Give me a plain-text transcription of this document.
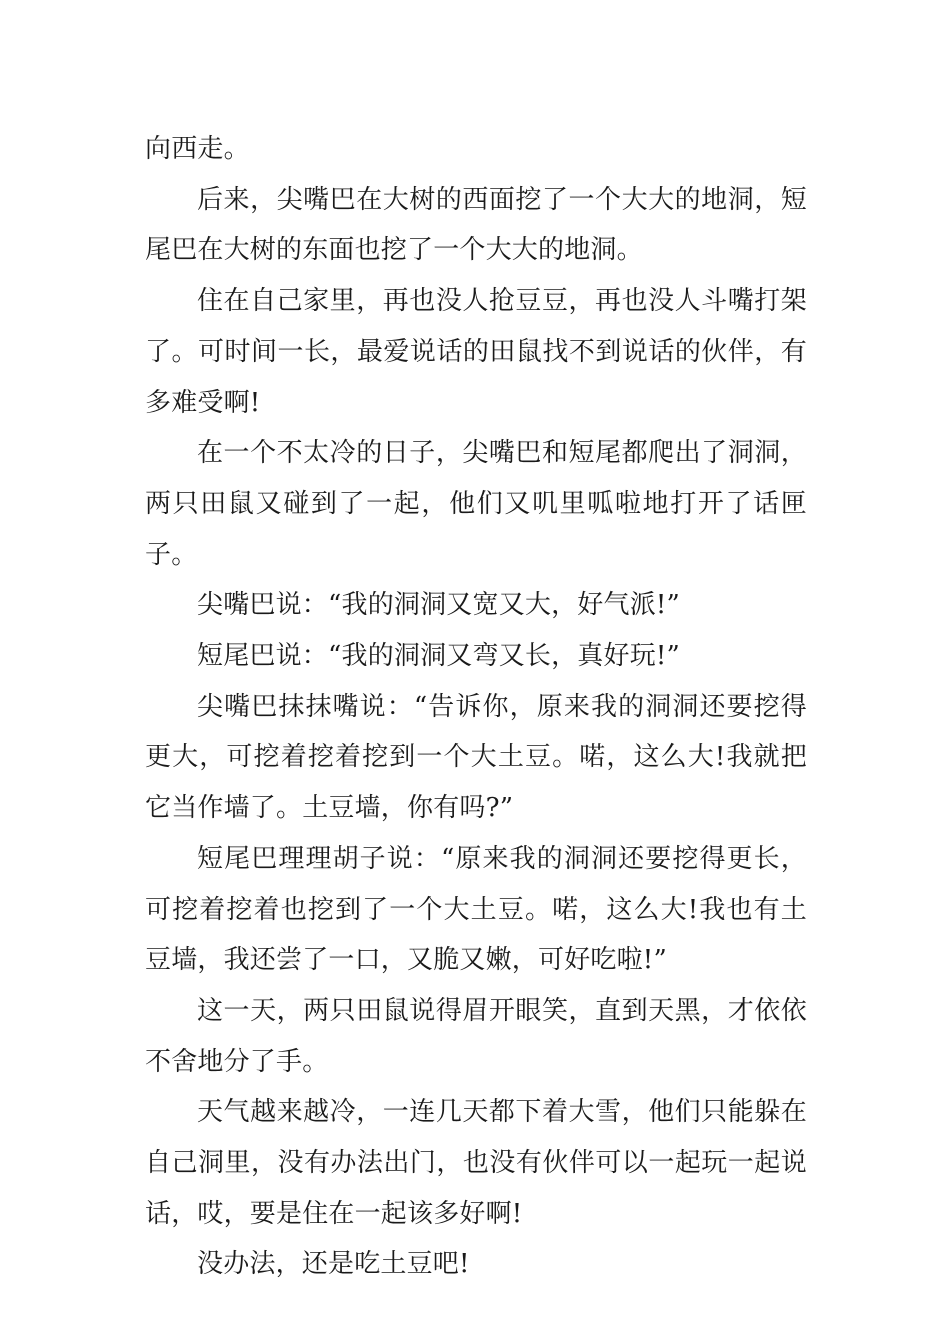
向西走。

后来，尖嘴巴在大树的西面挖了一个大大的地洞，短尾巴在大树的东面也挖了一个大大的地洞。

住在自己家里，再也没人抢豆豆，再也没人斗嘴打架了。可时间一长，最爱说话的田鼠找不到说话的伙伴，有多难受啊!

在一个不太冷的日子，尖嘴巴和短尾都爬出了洞洞，两只田鼠又碰到了一起，他们又叽里呱啦地打开了话匣子。

尖嘴巴说：“我的洞洞又宽又大，好气派!”

短尾巴说：“我的洞洞又弯又长，真好玩!”

尖嘴巴抹抹嘴说：“告诉你，原来我的洞洞还要挖得更大，可挖着挖着挖到一个大土豆。喏，这么大!我就把它当作墙了。土豆墙，你有吗?”

短尾巴理理胡子说：“原来我的洞洞还要挖得更长，可挖着挖着也挖到了一个大土豆。喏，这么大!我也有土豆墙，我还尝了一口，又脆又嫩，可好吃啦!”

这一天，两只田鼠说得眉开眼笑，直到天黑，才依依不舍地分了手。

天气越来越冷，一连几天都下着大雪，他们只能躲在自己洞里，没有办法出门，也没有伙伴可以一起玩一起说话，哎，要是住在一起该多好啊!

没办法，还是吃土豆吧!
